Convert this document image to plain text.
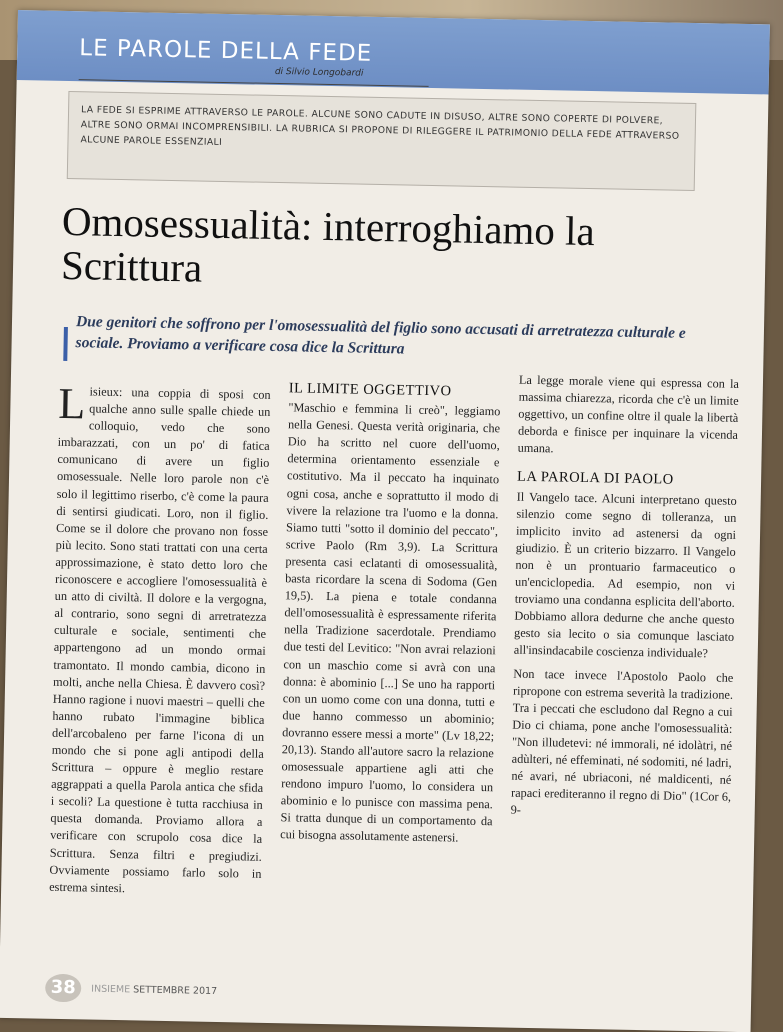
LE PAROLE DELLA FEDE
di Silvio Longobardi

LA FEDE SI ESPRIME ATTRAVERSO LE PAROLE. ALCUNE SONO CADUTE IN DISUSO, ALTRE SONO COPERTE DI POLVERE, ALTRE SONO ORMAI INCOMPRENSIBILI. LA RUBRICA SI PROPONE DI RILEGGERE IL PATRIMONIO DELLA FEDE ATTRAVERSO ALCUNE PAROLE ESSENZIALI

Omosessualità: interroghiamo la Scrittura

Due genitori che soffrono per l'omosessualità del figlio sono accusati di arretratezza culturale e sociale. Proviamo a verificare cosa dice la Scrittura

Lisieux: una coppia di sposi con qualche anno sulle spalle chiede un colloquio, vedo che sono imbarazzati, con un po' di fatica comunicano di avere un figlio omosessuale. Nelle loro parole non c'è solo il legittimo riserbo, c'è come la paura di sentirsi giudicati. Loro, non il figlio. Come se il dolore che provano non fosse più lecito. Sono stati trattati con una certa approssimazione, è stato detto loro che riconoscere e accogliere l'omosessualità è un atto di civiltà. Il dolore e la vergogna, al contrario, sono segni di arretratezza culturale e sociale, sentimenti che appartengono ad un mondo ormai tramontato. Il mondo cambia, dicono in molti, anche nella Chiesa. È davvero così? Hanno ragione i nuovi maestri – quelli che hanno rubato l'immagine biblica dell'arcobaleno per farne l'icona di un mondo che si pone agli antipodi della Scrittura – oppure è meglio restare aggrappati a quella Parola antica che sfida i secoli? La questione è tutta racchiusa in questa domanda. Proviamo allora a verificare con scrupolo cosa dice la Scrittura. Senza filtri e pregiudizi. Ovviamente possiamo farlo solo in estrema sintesi.

IL LIMITE OGGETTIVO

"Maschio e femmina li creò", leggiamo nella Genesi. Questa verità originaria, che Dio ha scritto nel cuore dell'uomo, determina orientamento essenziale e costitutivo. Ma il peccato ha inquinato ogni cosa, anche e soprattutto il modo di vivere la relazione tra l'uomo e la donna. Siamo tutti "sotto il dominio del peccato", scrive Paolo (Rm 3,9). La Scrittura presenta casi eclatanti di omosessualità, basta ricordare la scena di Sodoma (Gen 19,5). La piena e totale condanna dell'omosessualità è espressamente riferita nella Tradizione sacerdotale. Prendiamo due testi del Levitico: "Non avrai relazioni con un maschio come si avrà con una donna: è abominio [...] Se uno ha rapporti con un uomo come con una donna, tutti e due hanno commesso un abominio; dovranno essere messi a morte" (Lv 18,22; 20,13). Stando all'autore sacro la relazione omosessuale appartiene agli atti che rendono impuro l'uomo, lo considera un abominio e lo punisce con massima pena. Si tratta dunque di un comportamento da cui bisogna assolutamente astenersi.

La legge morale viene qui espressa con la massima chiarezza, ricorda che c'è un limite oggettivo, un confine oltre il quale la libertà deborda e finisce per inquinare la vicenda umana.

LA PAROLA DI PAOLO

Il Vangelo tace. Alcuni interpretano questo silenzio come segno di tolleranza, un implicito invito ad astenersi da ogni giudizio. È un criterio bizzarro. Il Vangelo non è un prontuario farmaceutico o un'enciclopedia. Ad esempio, non vi troviamo una condanna esplicita dell'aborto. Dobbiamo allora dedurne che anche questo gesto sia lecito o sia comunque lasciato all'insindacabile coscienza individuale?

Non tace invece l'Apostolo Paolo che ripropone con estrema severità la tradizione. Tra i peccati che escludono dal Regno a cui Dio ci chiama, pone anche l'omosessualità: "Non illudetevi: né immorali, né idolàtri, né adùlteri, né effeminati, né sodomiti, né ladri, né avari, né ubriaconi, né maldicenti, né rapaci erediteranno il regno di Dio" (1Cor 6, 9-

38	INSIEME SETTEMBRE 2017
